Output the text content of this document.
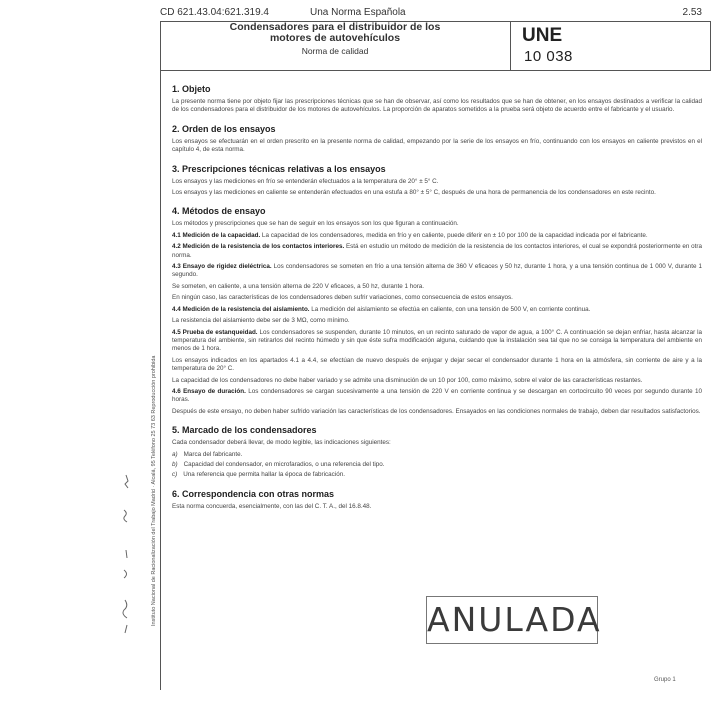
CD 621.43.04:621.319.4	Una Norma Española	2.53
Condensadores para el distribuidor de los
motores de autovehículos
Norma de calidad
UNE
10 038
Instituto Nacional de Racionalización del Trabajo Madrid · Alcalá, 95 Teléfono 25 73 63 Reproducción prohibida
1. Objeto
La presente norma tiene por objeto fijar las prescripciones técnicas que se han de observar, así como los resultados que se han de obtener, en los ensayos destinados a verificar la calidad de los condensadores para el distribuidor de los motores de autovehículos. La proporción de aparatos sometidos a la prueba será objeto de acuerdo entre el fabricante y el usuario.
2. Orden de los ensayos
Los ensayos se efectuarán en el orden prescrito en la presente norma de calidad, empezando por la serie de los ensayos en frío, continuando con los ensayos en caliente previstos en el capítulo 4, de esta norma.
3. Prescripciones técnicas relativas a los ensayos
Los ensayos y las mediciones en frío se entenderán efectuados a la temperatura de 20° ± 5° C.
Los ensayos y las mediciones en caliente se entenderán efectuados en una estufa a 80° ± 5° C, después de una hora de permanencia de los condensadores en este recinto.
4. Métodos de ensayo
Los métodos y prescripciones que se han de seguir en los ensayos son los que figuran a continuación.
4.1 Medición de la capacidad. La capacidad de los condensadores, medida en frío y en caliente, puede diferir en ± 10 por 100 de la capacidad indicada por el fabricante.
4.2 Medición de la resistencia de los contactos interiores. Está en estudio un método de medición de la resistencia de los contactos interiores, el cual se expondrá posteriormente en otra norma.
4.3 Ensayo de rigidez dieléctrica. Los condensadores se someten en frío a una tensión alterna de 360 V eficaces y 50 hz, durante 1 hora, y a una tensión continua de 1 000 V, durante 1 segundo.
Se someten, en caliente, a una tensión alterna de 220 V eficaces, a 50 hz, durante 1 hora.
En ningún caso, las características de los condensadores deben sufrir variaciones, como consecuencia de estos ensayos.
4.4 Medición de la resistencia del aislamiento. La medición del aislamiento se efectúa en caliente, con una tensión de 500 V, en corriente continua.
La resistencia del aislamiento debe ser de 3 MΩ, como mínimo.
4.5 Prueba de estanqueidad. Los condensadores se suspenden, durante 10 minutos, en un recinto saturado de vapor de agua, a 100° C. A continuación se dejan enfriar, hasta alcanzar la temperatura del ambiente, sin retirarlos del recinto húmedo y sin que éste sufra modificación alguna, cuidando que la instalación sea tal que no se consiga la temperatura del ambiente en menos de 1 hora.
Los ensayos indicados en los apartados 4.1 a 4.4, se efectúan de nuevo después de enjugar y dejar secar el condensador durante 1 hora en la atmósfera, sin corriente de aire y a la temperatura de 20° C.
La capacidad de los condensadores no debe haber variado y se admite una disminución de un 10 por 100, como máximo, sobre el valor de las características restantes.
4.6 Ensayo de duración. Los condensadores se cargan sucesivamente a una tensión de 220 V en corriente continua y se descargan en cortocircuito 90 veces por segundo durante 10 horas.
Después de este ensayo, no deben haber sufrido variación las características de los condensadores. Ensayados en las condiciones normales de trabajo, deben dar resultados satisfactorios.
5. Marcado de los condensadores
Cada condensador deberá llevar, de modo legible, las indicaciones siguientes:
a) Marca del fabricante.
b) Capacidad del condensador, en microfaradios, o una referencia del tipo.
c) Una referencia que permita hallar la época de fabricación.
6. Correspondencia con otras normas
Esta norma concuerda, esencialmente, con las del C. T. A., del 16.8.48.
ANULADA
Grupo 1
